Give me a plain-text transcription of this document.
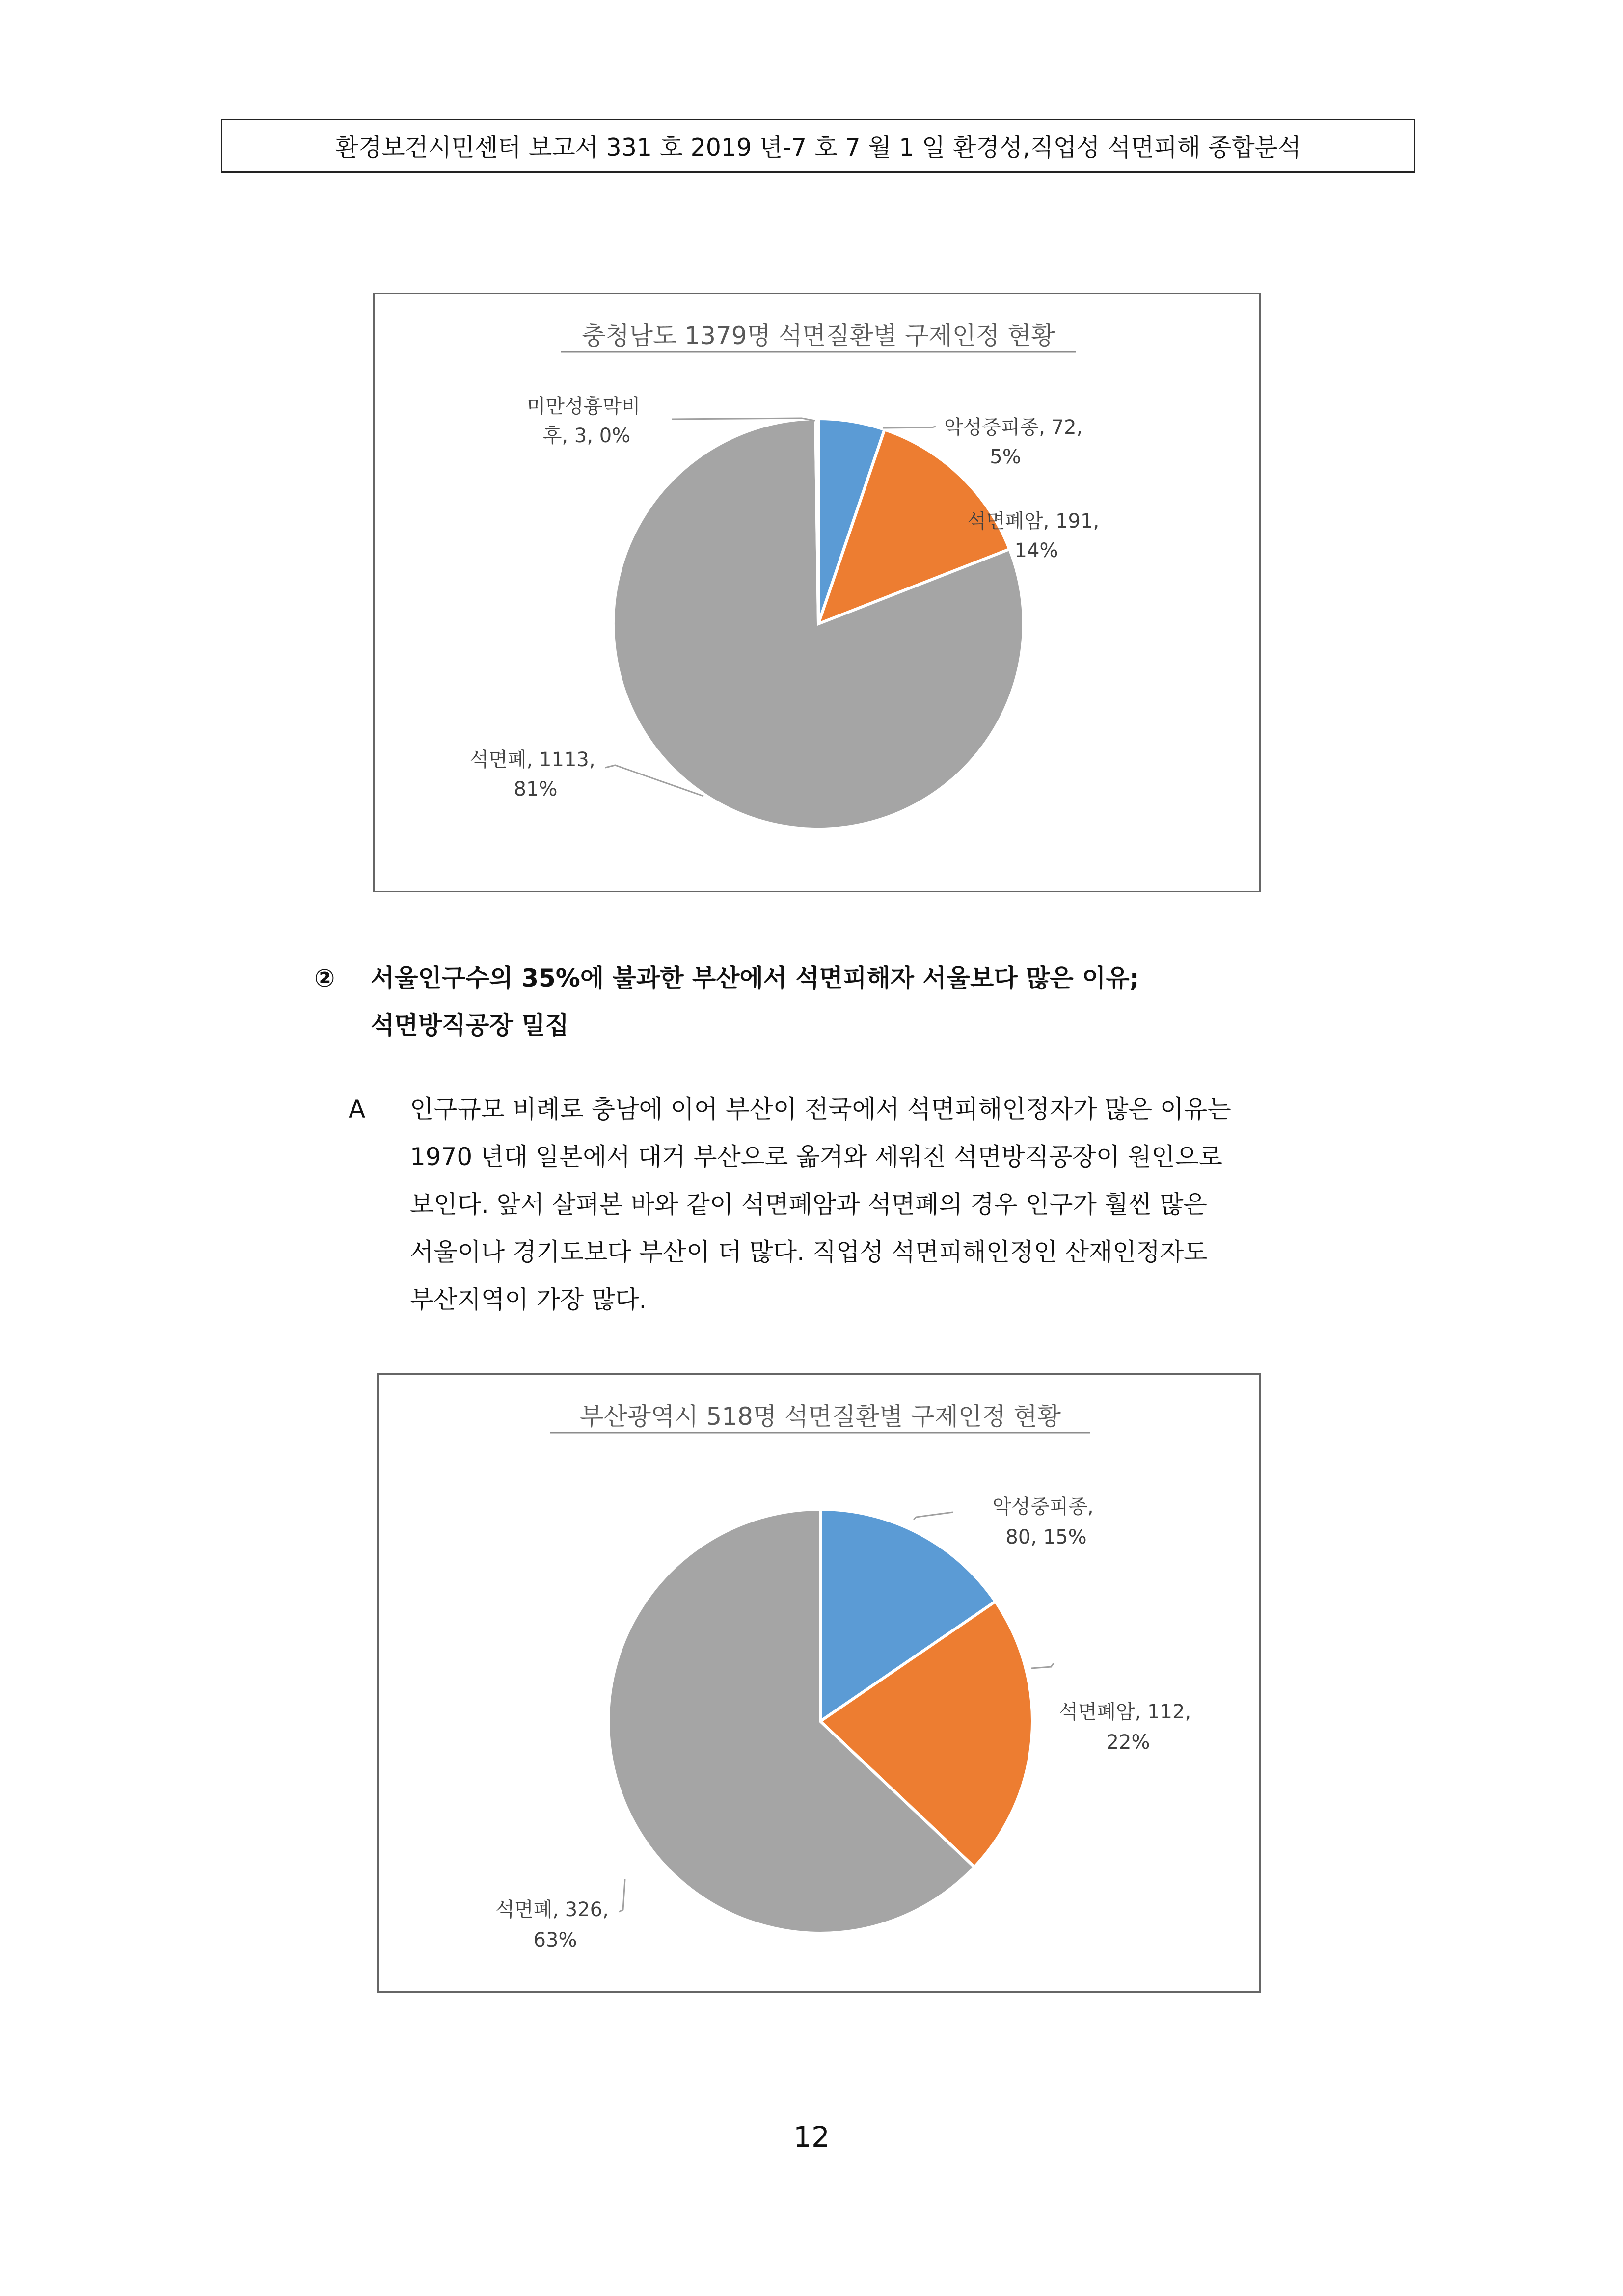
환경보건시민센터 보고서 331 호 2019 년-7 호 7 월 1 일 환경성,직업성 석면피해 종합분석
충청남도 1379명 석면질환별 구제인정 현황
악성중피종, 72, 5%
석면폐암, 191, 14%
석면폐, 1113, 81%
미만성흉막비 후, 3, 0%
② 서울인구수의 35%에 불과한 부산에서 석면피해자 서울보다 많은 이유;
석면방직공장 밀집
A 인구규모 비례로 충남에 이어 부산이 전국에서 석면피해인정자가 많은 이유는
1970 년대 일본에서 대거 부산으로 옮겨와 세워진 석면방직공장이 원인으로
보인다. 앞서 살펴본 바와 같이 석면폐암과 석면폐의 경우 인구가 훨씬 많은
서울이나 경기도보다 부산이 더 많다. 직업성 석면피해인정인 산재인정자도
부산지역이 가장 많다.
부산광역시 518명 석면질환별 구제인정 현황
악성중피종, 80, 15%
석면폐암, 112, 22%
석면폐, 326, 63%
12
